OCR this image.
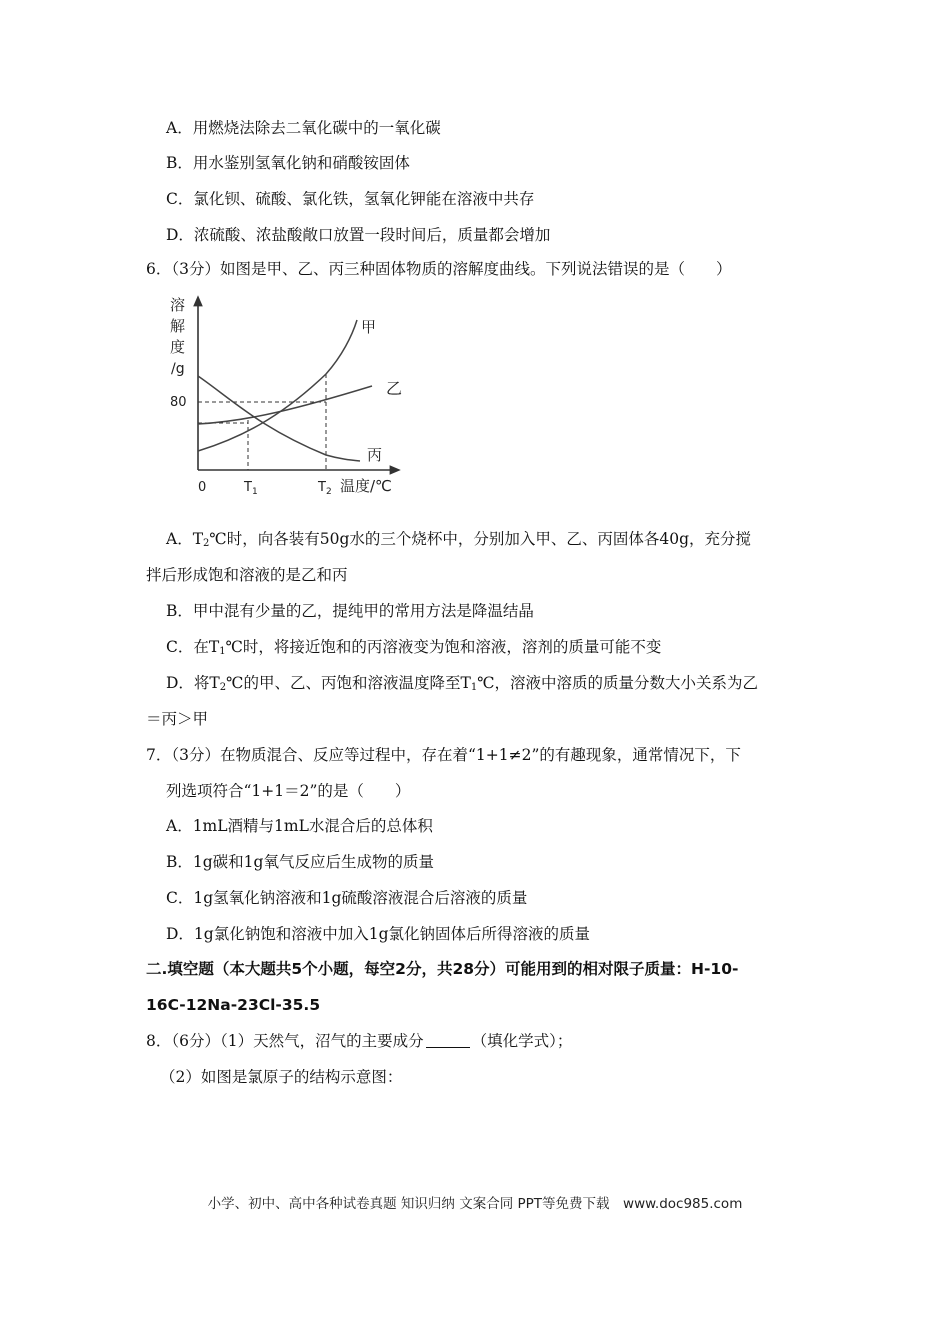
A．用燃烧法除去二氧化碳中的一氧化碳
B．用水鉴别氢氧化钠和硝酸铵固体
C．氯化钡、硫酸、氯化铁，氢氧化钾能在溶液中共存
D．浓硫酸、浓盐酸敞口放置一段时间后，质量都会增加
6．（3分）如图是甲、乙、丙三种固体物质的溶解度曲线。下列说法错误的是（　　）
溶
解
度
/g
80
甲
乙
丙
0	$T_1$	$T_2$ 温度/℃
A．$T_2℃$时，向各装有50g水的三个烧杯中，分别加入甲、乙、丙固体各40g，充分搅
拌后形成饱和溶液的是乙和丙
B．甲中混有少量的乙，提纯甲的常用方法是降温结晶
C．在$T_1℃$时，将接近饱和的丙溶液变为饱和溶液，溶剂的质量可能不变
D．将$T_2℃$的甲、乙、丙饱和溶液温度降至$T_1℃$，溶液中溶质的质量分数大小关系为乙
＝丙＞甲
7．（3分）在物质混合、反应等过程中，存在着“1+1≠2”的有趣现象，通常情况下，下
列选项符合“1+1＝2”的是（　　）
A．1mL酒精与1mL水混合后的总体积
B．1g碳和1g氧气反应后生成物的质量
C．1g氢氧化钠溶液和1g硫酸溶液混合后溶液的质量
D．1g氯化钠饱和溶液中加入1g氯化钠固体后所得溶液的质量
二.填空题（本大题共5个小题，每空2分，共28分）可能用到的相对限子质量：H-10-
16C-12Na-23Cl-35.5
8．（6分）（1）天然气，沼气的主要成分	（填化学式）；
（2）如图是氯原子的结构示意图：
小学、初中、高中各种试卷真题 知识归纳 文案合同 PPT等免费下载　www.doc985.com
